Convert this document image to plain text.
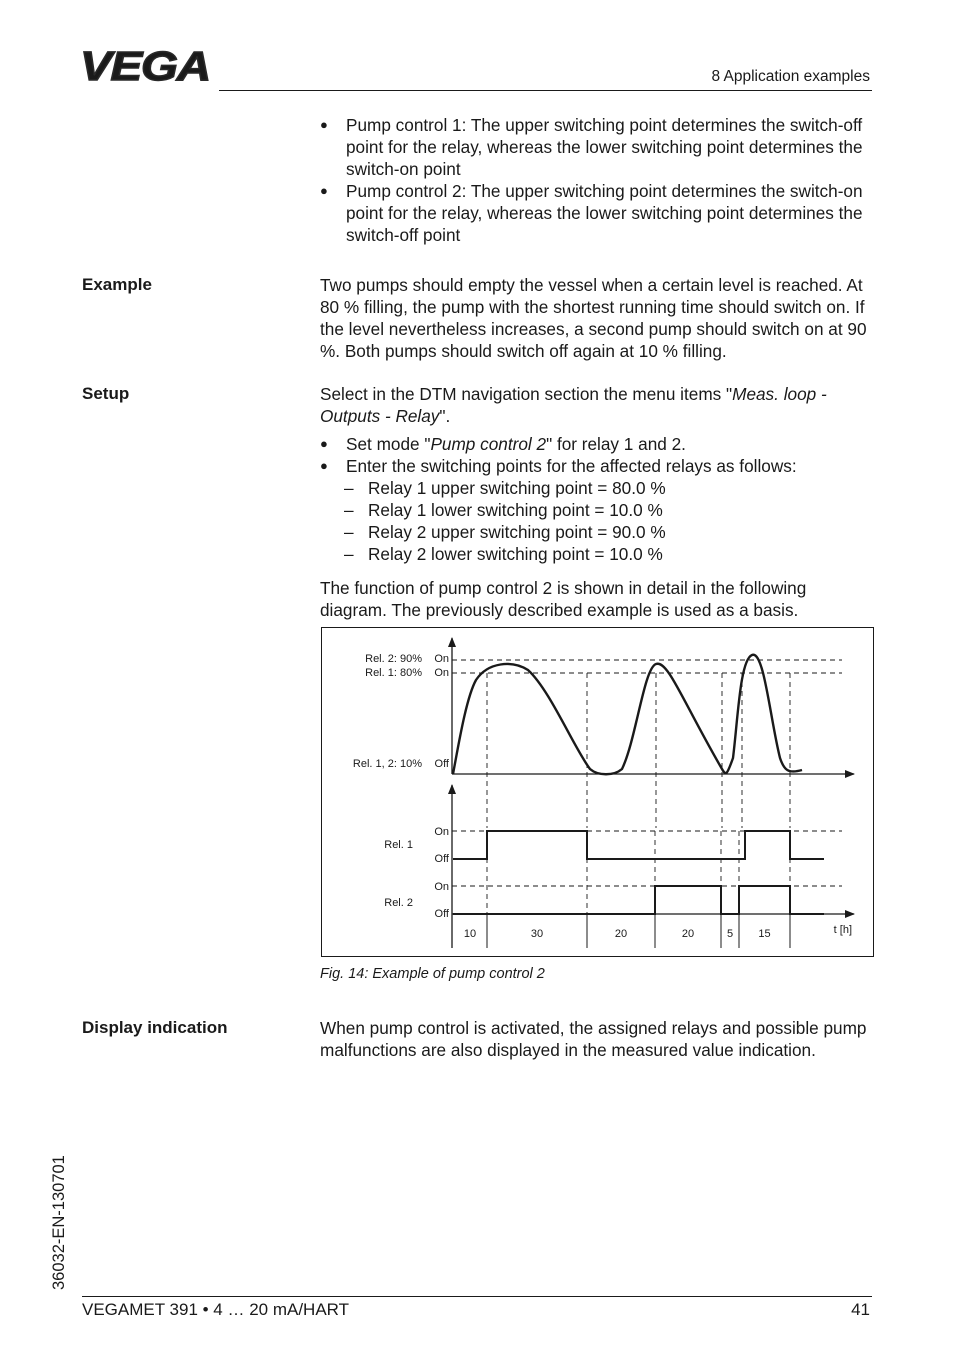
VEGA	8 Application examples
● Pump control 1: The upper switching point determines the switch-off point for the relay, whereas the lower switching point determines the switch-on point
● Pump control 2: The upper switching point determines the switch-on point for the relay, whereas the lower switching point determines the switch-off point
Example	Two pumps should empty the vessel when a certain level is reached. At 80 % filling, the pump with the shortest running time should switch on. If the level nevertheless increases, a second pump should switch on at 90 %. Both pumps should switch off again at 10 % filling.

Setup	Select in the DTM navigation section the menu items "Meas. loop - Outputs - Relay".

● Set mode "Pump control 2" for relay 1 and 2.
● Enter the switching points for the affected relays as follows:
– Relay 1 upper switching point = 80.0 %
– Relay 1 lower switching point = 10.0 %
– Relay 2 upper switching point = 90.0 %
– Relay 2 lower switching point = 10.0 %

The function of pump control 2 is shown in detail in the following diagram. The previously described example is used as a basis.

Rel. 2: 90% On
Rel. 1: 80% On
Rel. 1, 2: 10% Off
On
Rel. 1
Off
On
Rel. 2
Off
t [h]
10	30	20	20	5 15
Fig. 14: Example of pump control 2
Display indication	When pump control is activated, the assigned relays and possible pump malfunctions are also displayed in the measured value indication.

36032-EN-130701
VEGAMET 391 • 4 … 20 mA/HART	41
